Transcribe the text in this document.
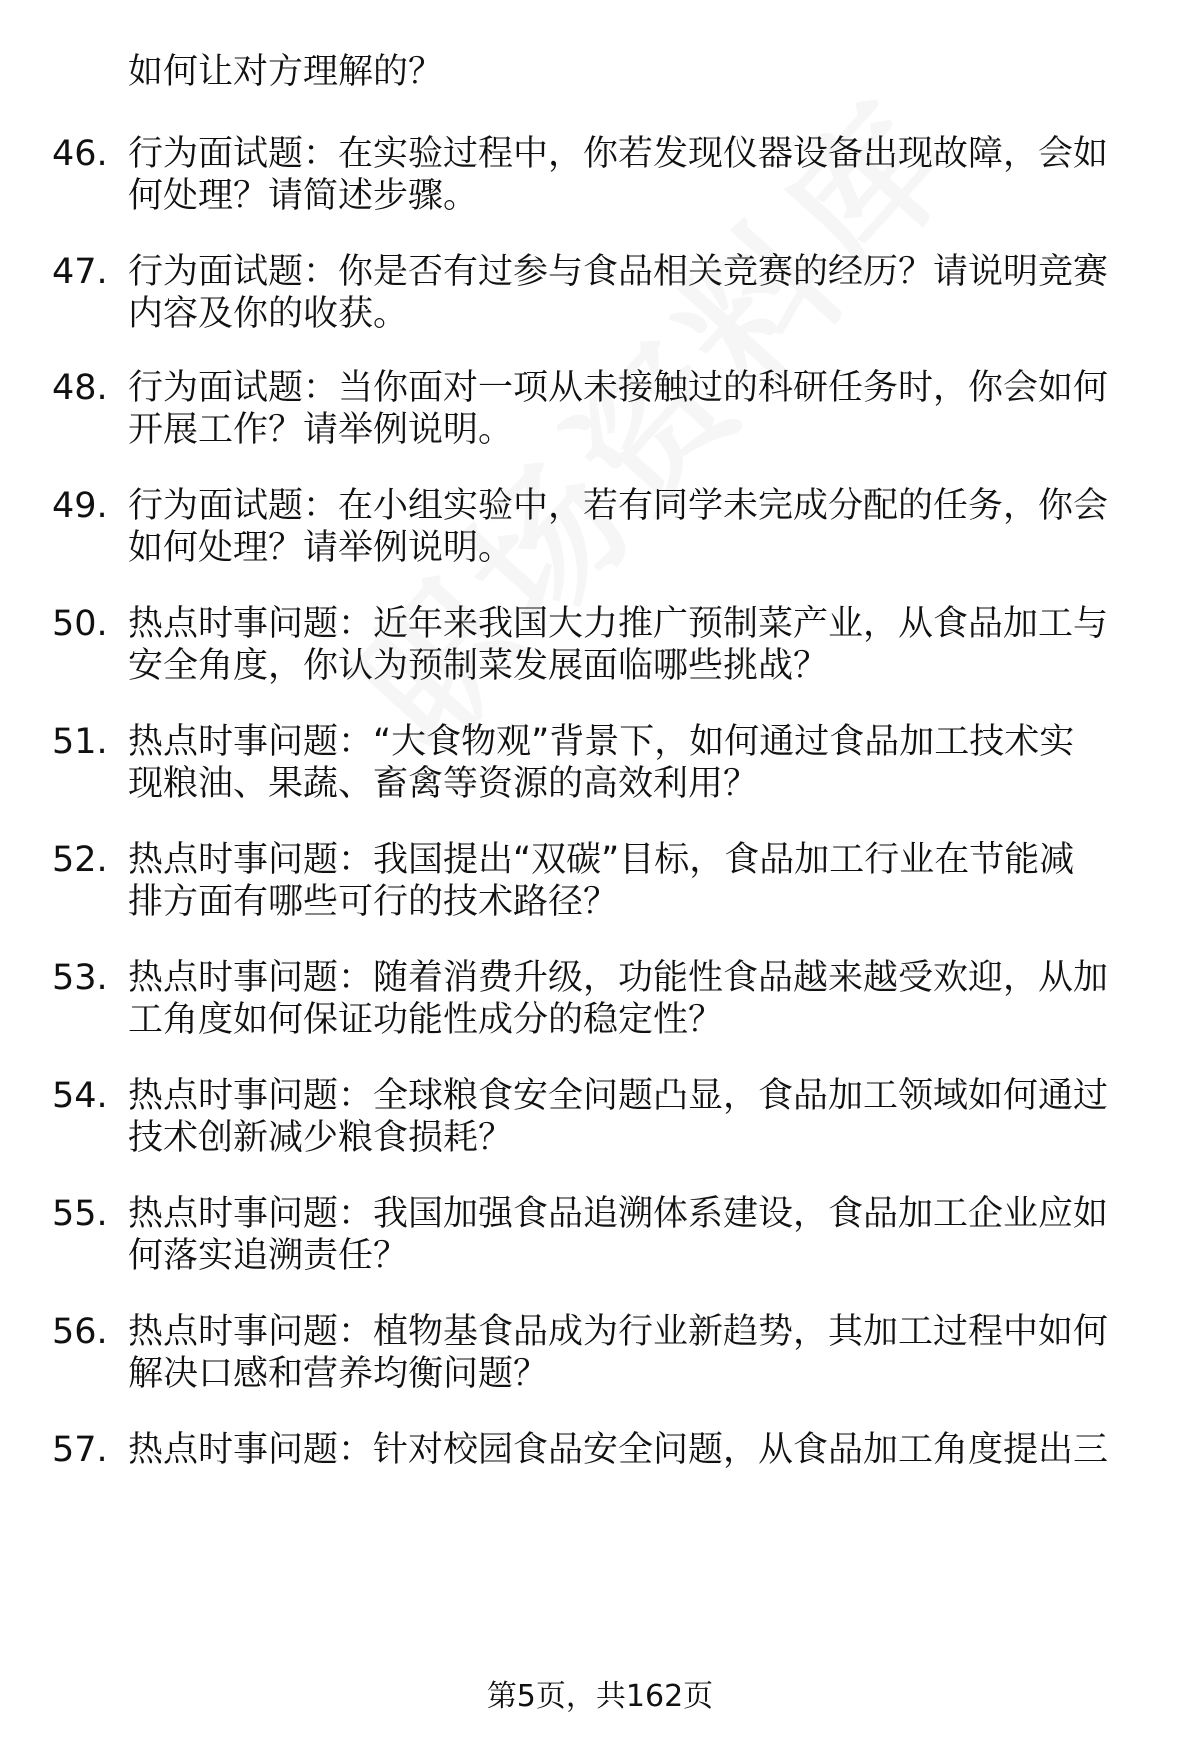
如何让对方理解的？
46. 行为面试题：在实验过程中，你若发现仪器设备出现故障，会如
何处理？请简述步骤。
47. 行为面试题：你是否有过参与食品相关竞赛的经历？请说明竞赛
内容及你的收获。
48. 行为面试题：当你面对一项从未接触过的科研任务时，你会如何
开展工作？请举例说明。
49. 行为面试题：在小组实验中，若有同学未完成分配的任务，你会
如何处理？请举例说明。
50. 热点时事问题：近年来我国大力推广预制菜产业，从食品加工与
安全角度，你认为预制菜发展面临哪些挑战？
51. 热点时事问题：“大食物观”背景下，如何通过食品加工技术实
现粮油、果蔬、畜禽等资源的高效利用？
52. 热点时事问题：我国提出“双碳”目标，食品加工行业在节能减
排方面有哪些可行的技术路径？
53. 热点时事问题：随着消费升级，功能性食品越来越受欢迎，从加
工角度如何保证功能性成分的稳定性？
54. 热点时事问题：全球粮食安全问题凸显，食品加工领域如何通过
技术创新减少粮食损耗？
55. 热点时事问题：我国加强食品追溯体系建设，食品加工企业应如
何落实追溯责任？
56. 热点时事问题：植物基食品成为行业新趋势，其加工过程中如何
解决口感和营养均衡问题？
57. 热点时事问题：针对校园食品安全问题，从食品加工角度提出三
第5页，共162页
